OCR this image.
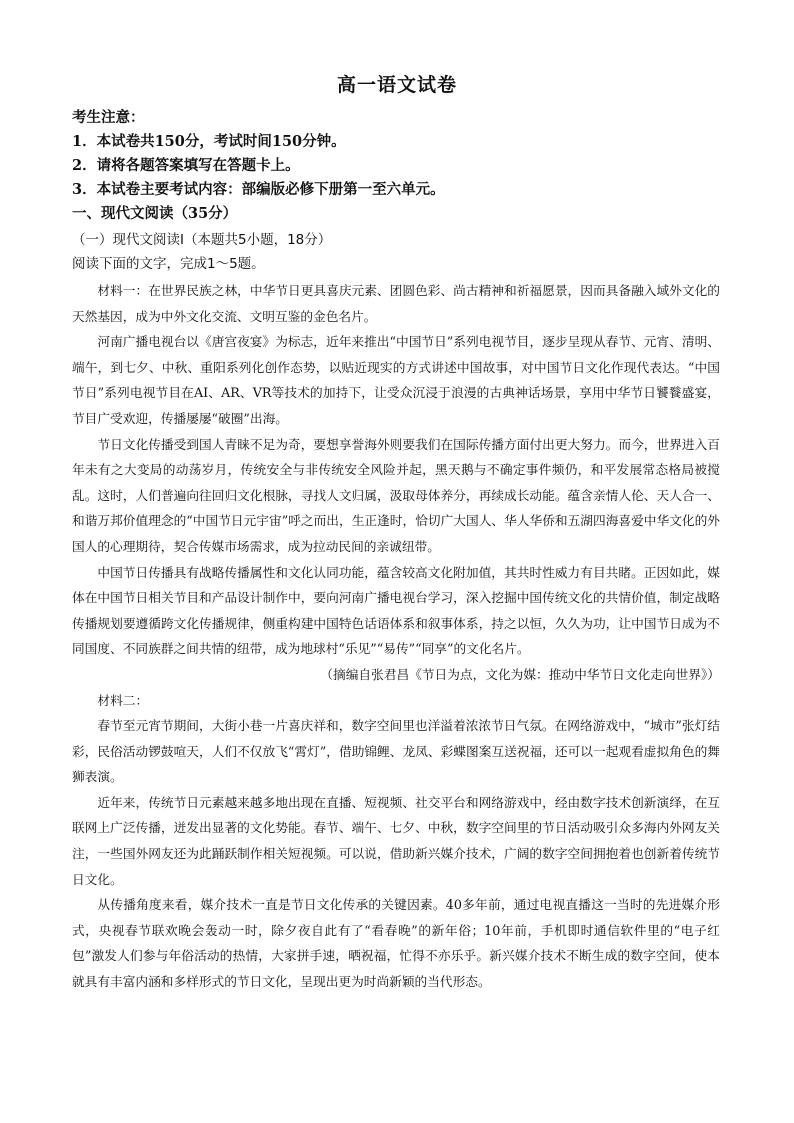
高一语文试卷
考生注意：
1．本试卷共150分，考试时间150分钟。
2．请将各题答案填写在答题卡上。
3．本试卷主要考试内容：部编版必修下册第一至六单元。
一、现代文阅读（35分）
（一）现代文阅读Ⅰ（本题共5小题，18分）
阅读下面的文字，完成1～5题。

材料一：在世界民族之林，中华节日更具喜庆元素、团圆色彩、尚古精神和祈福愿景，因而具备融入域外文化的天然基因，成为中外文化交流、文明互鉴的金色名片。

河南广播电视台以《唐宫夜宴》为标志，近年来推出“中国节日”系列电视节目，逐步呈现从春节、元宵、清明、端午，到七夕、中秋、重阳系列化创作态势，以贴近现实的方式讲述中国故事，对中国节日文化作现代表达。“中国节日”系列电视节目在AI、AR、VR等技术的加持下，让受众沉浸于浪漫的古典神话场景，享用中华节日饕餮盛宴，节目广受欢迎，传播屡屡“破圈”出海。

节日文化传播受到国人青睐不足为奇，要想享誉海外则要我们在国际传播方面付出更大努力。而今，世界进入百年未有之大变局的动荡岁月，传统安全与非传统安全风险并起，黑天鹅与不确定事件频仍，和平发展常态格局被搅乱。这时，人们普遍向往回归文化根脉，寻找人文归属，汲取母体养分，再续成长动能。蕴含亲情人伦、天人合一、和谐万邦价值理念的“中国节日元宇宙”呼之而出，生正逢时，恰切广大国人、华人华侨和五湖四海喜爱中华文化的外国人的心理期待，契合传媒市场需求，成为拉动民间的亲诚纽带。

中国节日传播具有战略传播属性和文化认同功能，蕴含较高文化附加值，其共时性威力有目共睹。正因如此，媒体在中国节日相关节目和产品设计制作中，要向河南广播电视台学习，深入挖掘中国传统文化的共情价值，制定战略传播规划要遵循跨文化传播规律，侧重构建中国特色话语体系和叙事体系，持之以恒，久久为功，让中国节日成为不同国度、不同族群之间共情的纽带，成为地球村“乐见”“易传”“同享”的文化名片。

（摘编自张君昌《节日为点，文化为媒：推动中华节日文化走向世界》）

材料二：

春节至元宵节期间，大街小巷一片喜庆祥和，数字空间里也洋溢着浓浓节日气氛。在网络游戏中，“城市”张灯结彩，民俗活动锣鼓喧天，人们不仅放飞“霄灯”，借助锦鲤、龙凤、彩蝶图案互送祝福，还可以一起观看虚拟角色的舞狮表演。

近年来，传统节日元素越来越多地出现在直播、短视频、社交平台和网络游戏中，经由数字技术创新演绎，在互联网上广泛传播，迸发出显著的文化势能。春节、端午、七夕、中秋，数字空间里的节日活动吸引众多海内外网友关注，一些国外网友还为此踊跃制作相关短视频。可以说，借助新兴媒介技术，广阔的数字空间拥抱着也创新着传统节日文化。

从传播角度来看，媒介技术一直是节日文化传承的关键因素。40多年前，通过电视直播这一当时的先进媒介形式，央视春节联欢晚会轰动一时，除夕夜自此有了“看春晚”的新年俗；10年前，手机即时通信软件里的“电子红包”激发人们参与年俗活动的热情，大家拼手速，晒祝福，忙得不亦乐乎。新兴媒介技术不断生成的数字空间，使本就具有丰富内涵和多样形式的节日文化，呈现出更为时尚新颖的当代形态。
